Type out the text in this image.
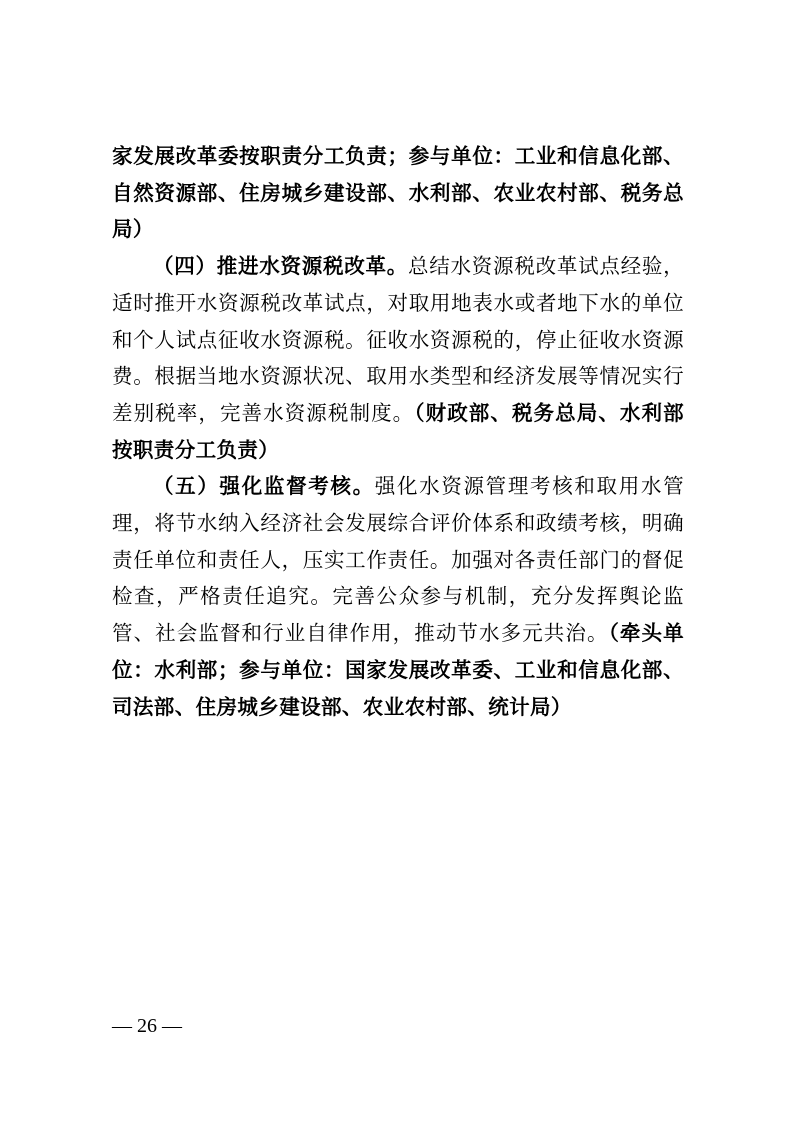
家发展改革委按职责分工负责；参与单位：工业和信息化部、自然资源部、住房城乡建设部、水利部、农业农村部、税务总局）

（四）推进水资源税改革。总结水资源税改革试点经验，适时推开水资源税改革试点，对取用地表水或者地下水的单位和个人试点征收水资源税。征收水资源税的，停止征收水资源费。根据当地水资源状况、取用水类型和经济发展等情况实行差别税率，完善水资源税制度。（财政部、税务总局、水利部按职责分工负责）

（五）强化监督考核。强化水资源管理考核和取用水管理，将节水纳入经济社会发展综合评价体系和政绩考核，明确责任单位和责任人，压实工作责任。加强对各责任部门的督促检查，严格责任追究。完善公众参与机制，充分发挥舆论监管、社会监督和行业自律作用，推动节水多元共治。（牵头单位：水利部；参与单位：国家发展改革委、工业和信息化部、司法部、住房城乡建设部、农业农村部、统计局）

— 26 —
